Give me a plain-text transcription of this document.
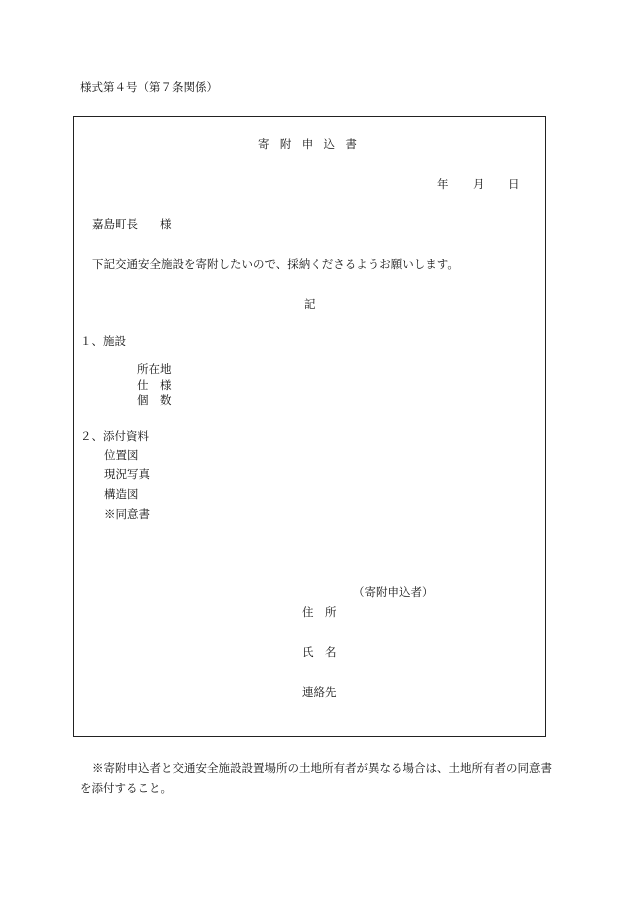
様式第４号（第７条関係）
寄附申込書
年 月 日
嘉島町長 様
下記交通安全施設を寄附したいので、採納くださるようお願いします。
記
１、施設
所在地
仕　様
個　数
２、添付資料
位置図
現況写真
構造図
※同意書
（寄附申込者）
住　所
氏　名
連絡先
※寄附申込者と交通安全施設設置場所の土地所有者が異なる場合は、土地所有者の同意書を添付すること。
